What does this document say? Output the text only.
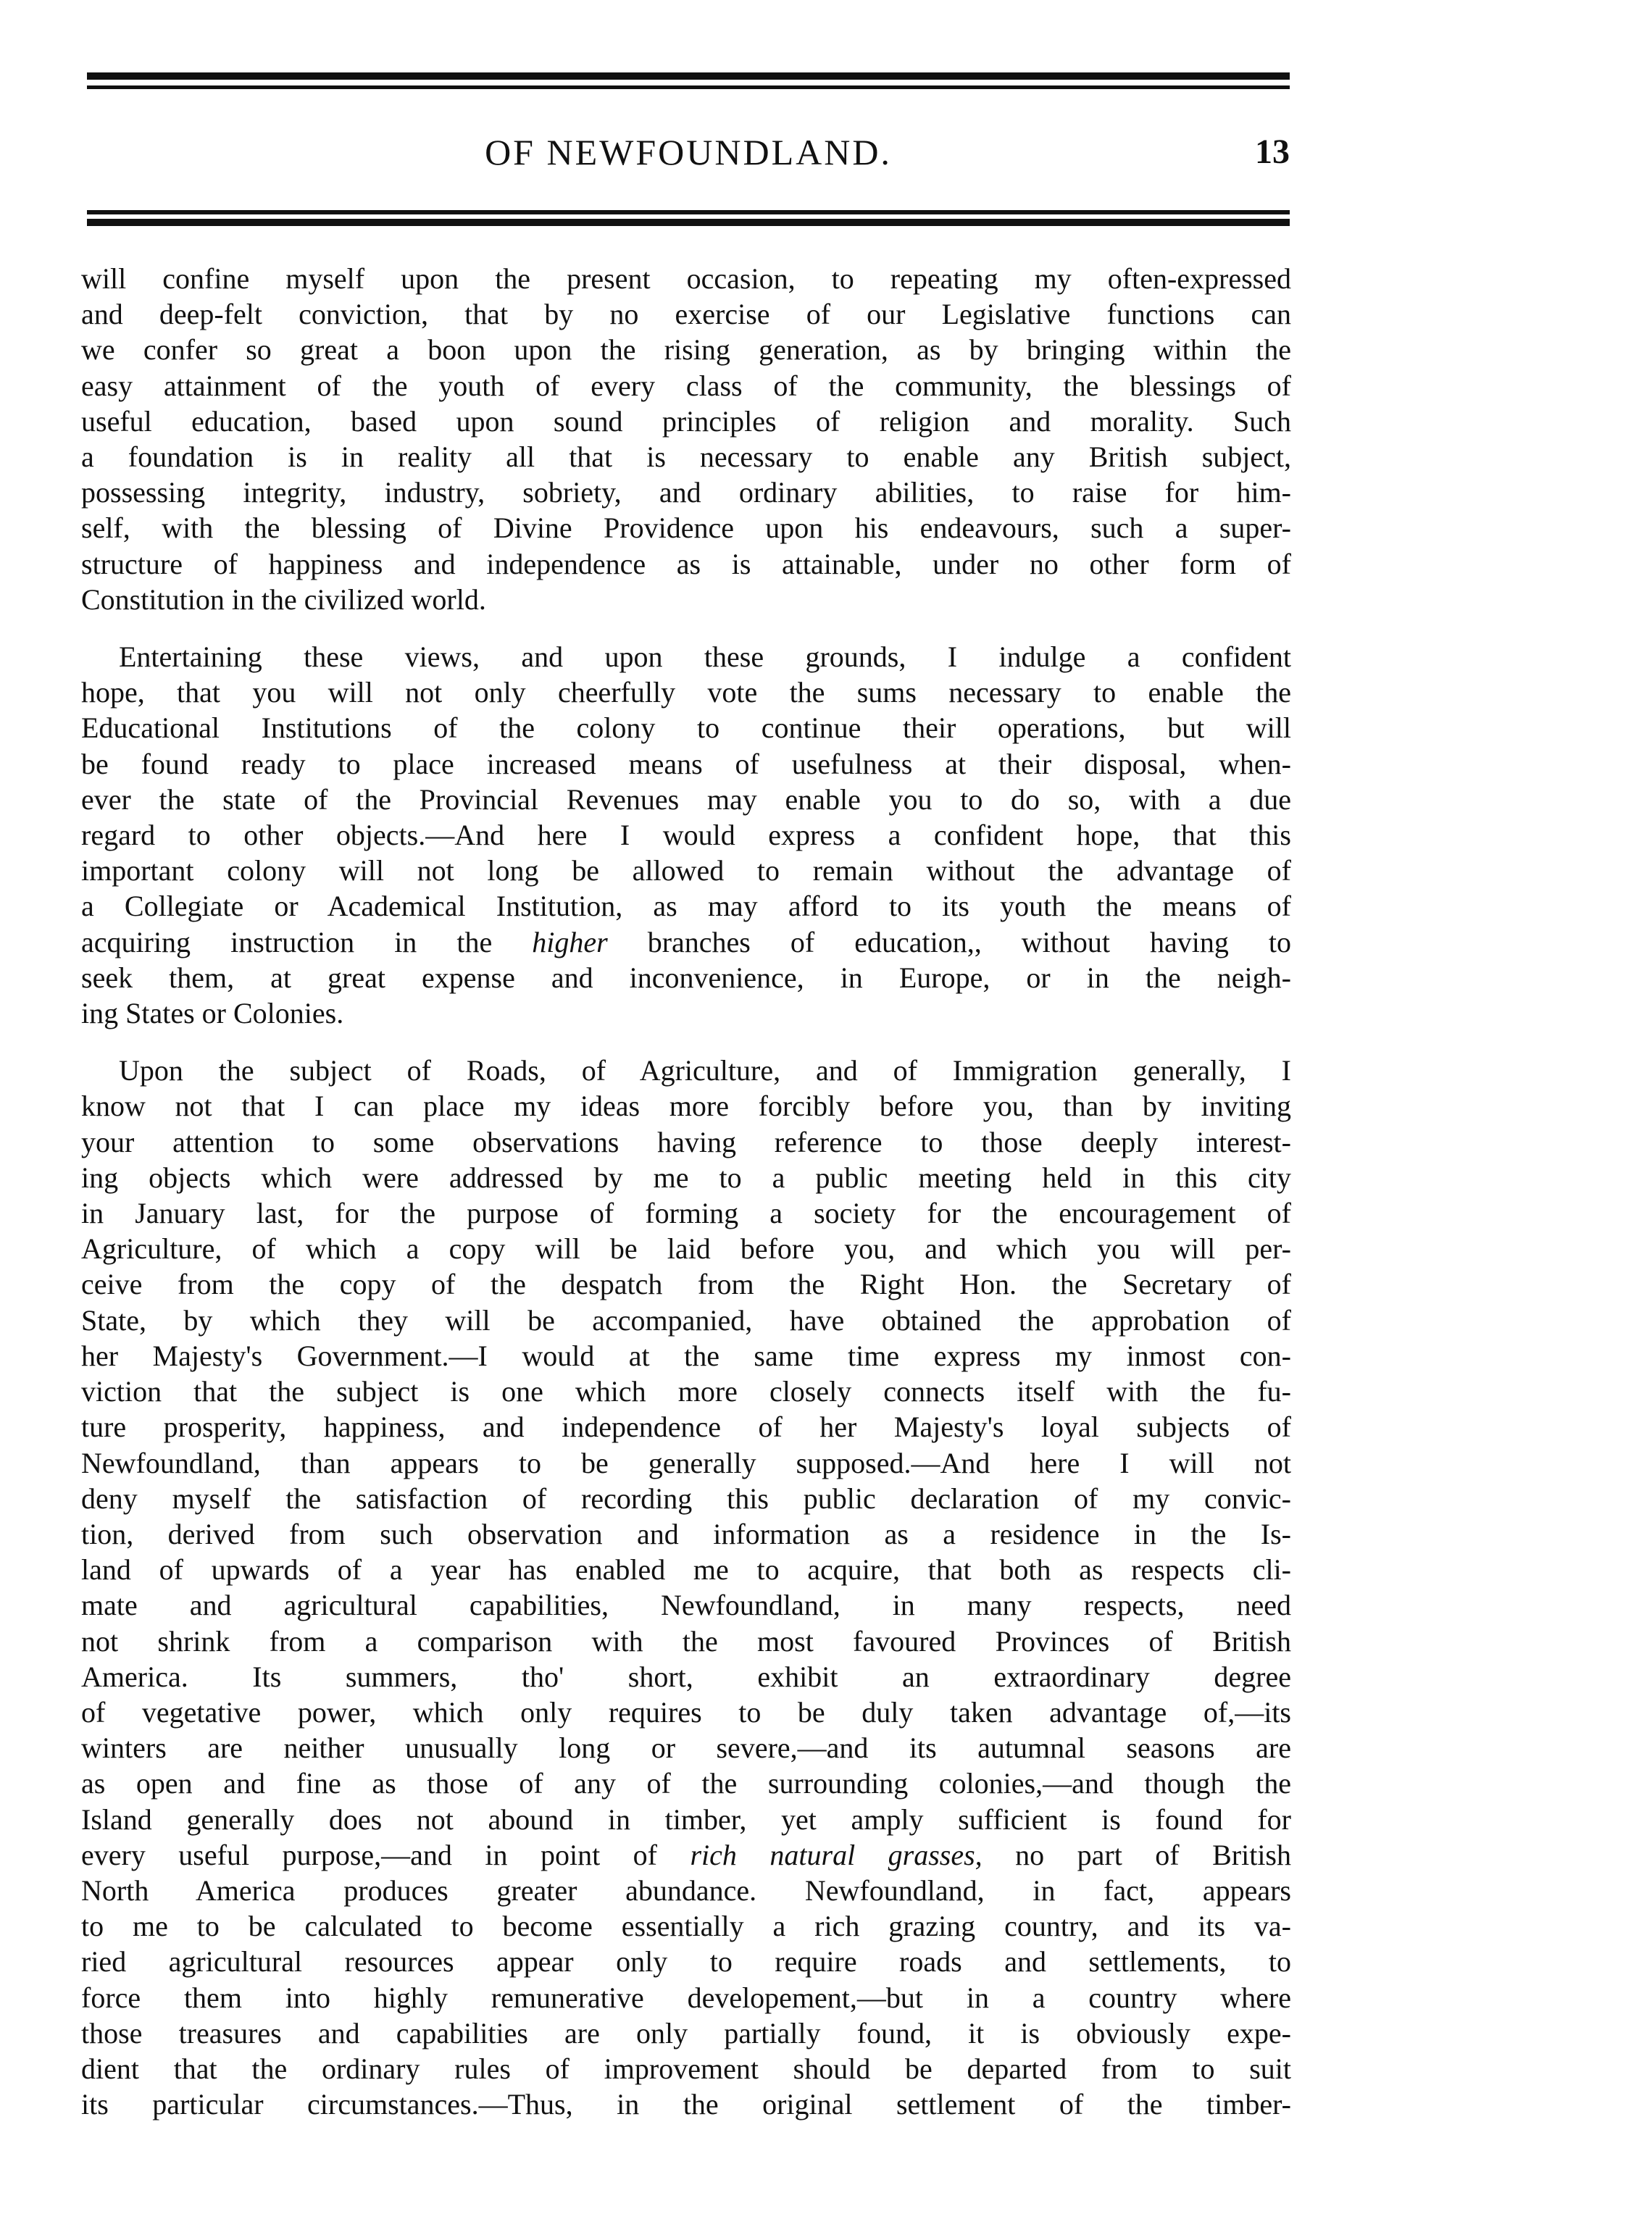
OF NEWFOUNDLAND.	13

will confine myself upon the present occasion, to repeating my often-expressed
and deep-felt conviction, that by no exercise of our Legislative functions can
we confer so great a boon upon the rising generation, as by bringing within the
easy attainment of the youth of every class of the community, the blessings of
useful education, based upon sound principles of religion and morality. Such
a foundation is in reality all that is necessary to enable any British subject,
possessing integrity, industry, sobriety, and ordinary abilities, to raise for him-
self, with the blessing of Divine Providence upon his endeavours, such a super-
structure of happiness and independence as is attainable, under no other form of
Constitution in the civilized world.

Entertaining these views, and upon these grounds, I indulge a confident
hope, that you will not only cheerfully vote the sums necessary to enable the
Educational Institutions of the colony to continue their operations, but will
be found ready to place increased means of usefulness at their disposal, when-
ever the state of the Provincial Revenues may enable you to do so, with a due
regard to other objects.—And here I would express a confident hope, that this
important colony will not long be allowed to remain without the advantage of
a Collegiate or Academical Institution, as may afford to its youth the means of
acquiring instruction in the higher branches of education,, without having to
seek them, at great expense and inconvenience, in Europe, or in the neigh-
ing States or Colonies.

Upon the subject of Roads, of Agriculture, and of Immigration generally, I
know not that I can place my ideas more forcibly before you, than by inviting
your attention to some observations having reference to those deeply interest-
ing objects which were addressed by me to a public meeting held in this city
in January last, for the purpose of forming a society for the encouragement of
Agriculture, of which a copy will be laid before you, and which you will per-
ceive from the copy of the despatch from the Right Hon. the Secretary of
State, by which they will be accompanied, have obtained the approbation of
her Majesty's Government.—I would at the same time express my inmost con-
viction that the subject is one which more closely connects itself with the fu-
ture prosperity, happiness, and independence of her Majesty's loyal subjects of
Newfoundland, than appears to be generally supposed.—And here I will not
deny myself the satisfaction of recording this public declaration of my convic-
tion, derived from such observation and information as a residence in the Is-
land of upwards of a year has enabled me to acquire, that both as respects cli-
mate and agricultural capabilities, Newfoundland, in many respects, need
not shrink from a comparison with the most favoured Provinces of British
America. Its summers, tho' short, exhibit an extraordinary degree
of vegetative power, which only requires to be duly taken advantage of,—its
winters are neither unusually long or severe,—and its autumnal seasons are
as open and fine as those of any of the surrounding colonies,—and though the
Island generally does not abound in timber, yet amply sufficient is found for
every useful purpose,—and in point of rich natural grasses, no part of British
North America produces greater abundance. Newfoundland, in fact, appears
to me to be calculated to become essentially a rich grazing country, and its va-
ried agricultural resources appear only to require roads and settlements, to
force them into highly remunerative developement,—but in a country where
those treasures and capabilities are only partially found, it is obviously expe-
dient that the ordinary rules of improvement should be departed from to suit
its particular circumstances.—Thus, in the original settlement of the timber-
